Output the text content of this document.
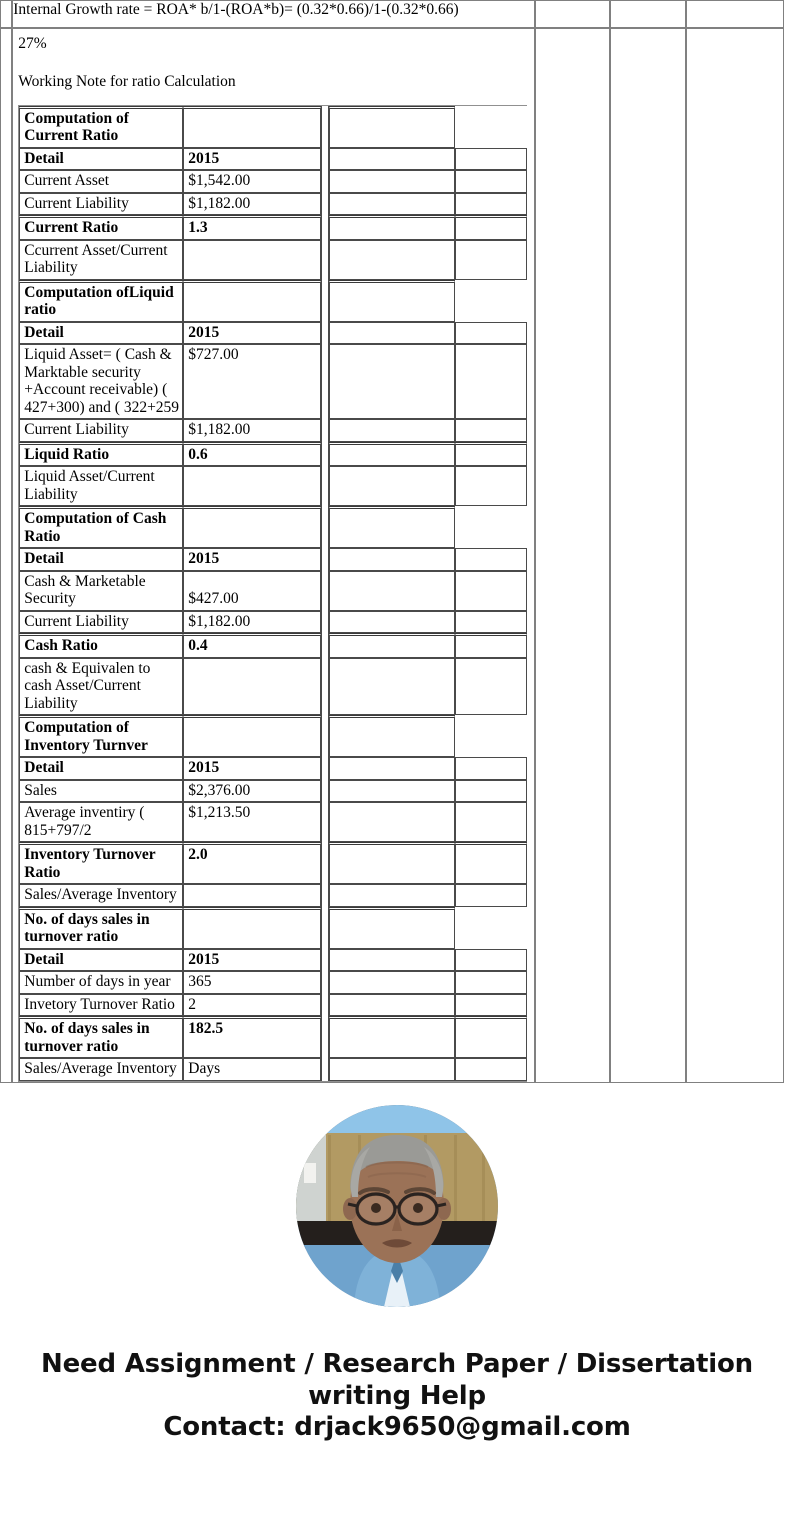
	Internal Growth rate = ROA* b/1-(ROA*b)= (0.32*0.66)/1-(0.32*0.66)			

27%
Working Note for ratio Calculation
Computation of Current Ratio				
Detail	2015			
Current Asset	$1,542.00			
Current Liability	$1,182.00			
Current Ratio	1.3			
Ccurrent Asset/Current Liability				
Computation ofLiquid ratio				
Detail	2015			
Liquid Asset= ( Cash & Marktable security +Account receivable) ( 427+300) and ( 322+259	$727.00			
Current Liability	$1,182.00			
Liquid Ratio	0.6			
Liquid Asset/Current Liability				
Computation of Cash Ratio				
Detail	2015			
Cash & Marketable Security	$427.00			
Current Liability	$1,182.00			
Cash Ratio	0.4			
cash & Equivalen to cash Asset/Current Liability				
Computation of Inventory Turnver				
Detail	2015			
Sales	$2,376.00			
Average inventiry ( 815+797/2	$1,213.50			
Inventory Turnover Ratio	2.0			
Sales/Average Inventory				
No. of days sales in turnover ratio				
Detail	2015			
Number of days in year	365			
Invetory Turnover Ratio	2			
No. of days sales in turnover ratio	182.5			
Sales/Average Inventory	Days			

Need Assignment / Research Paper / Dissertation
writing Help
Contact: drjack9650@gmail.com
